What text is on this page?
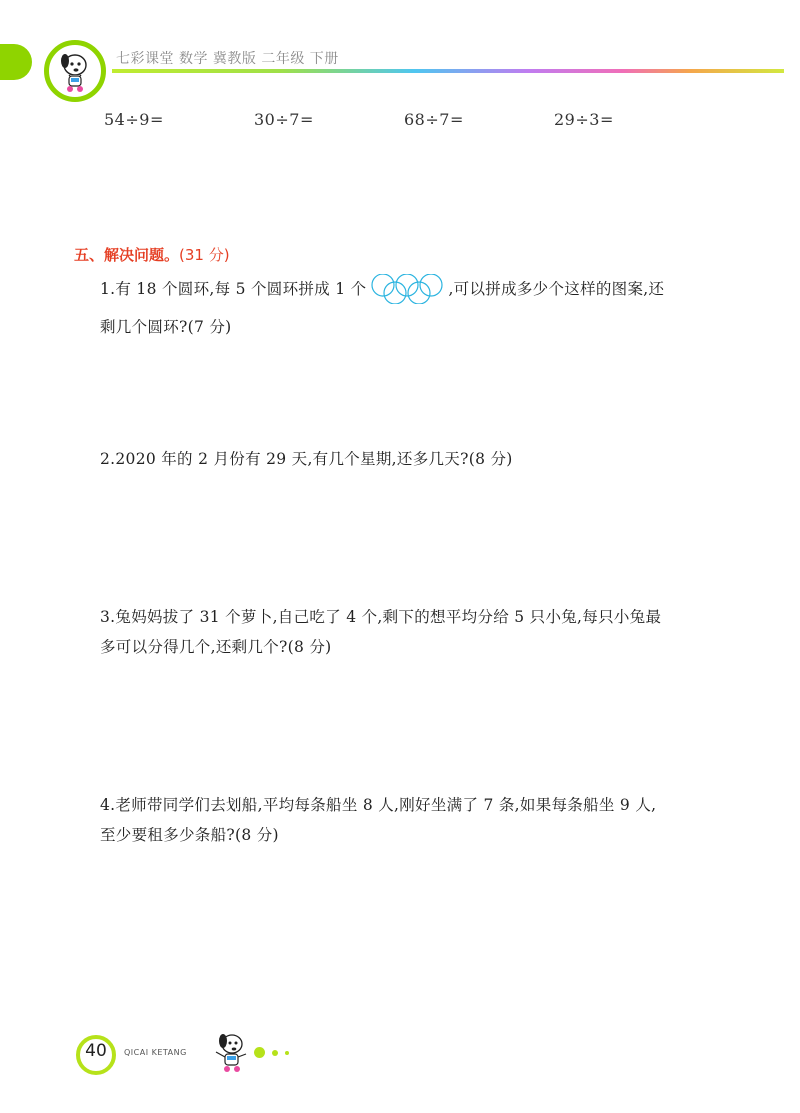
七彩课堂 数学 冀教版 二年级 下册
54÷9=	30÷7=	68÷7=	29÷3=
五、解决问题。(31 分)
1.有 18 个圆环,每 5 个圆环拼成 1 个	,可以拼成多少个这样的图案,还
剩几个圆环?(7 分)
2.2020 年的 2 月份有 29 天,有几个星期,还多几天?(8 分)
3.兔妈妈拔了 31 个萝卜,自己吃了 4 个,剩下的想平均分给 5 只小兔,每只小兔最
多可以分得几个,还剩几个?(8 分)
4.老师带同学们去划船,平均每条船坐 8 人,刚好坐满了 7 条,如果每条船坐 9 人,
至少要租多少条船?(8 分)
40	QICAI KETANG
